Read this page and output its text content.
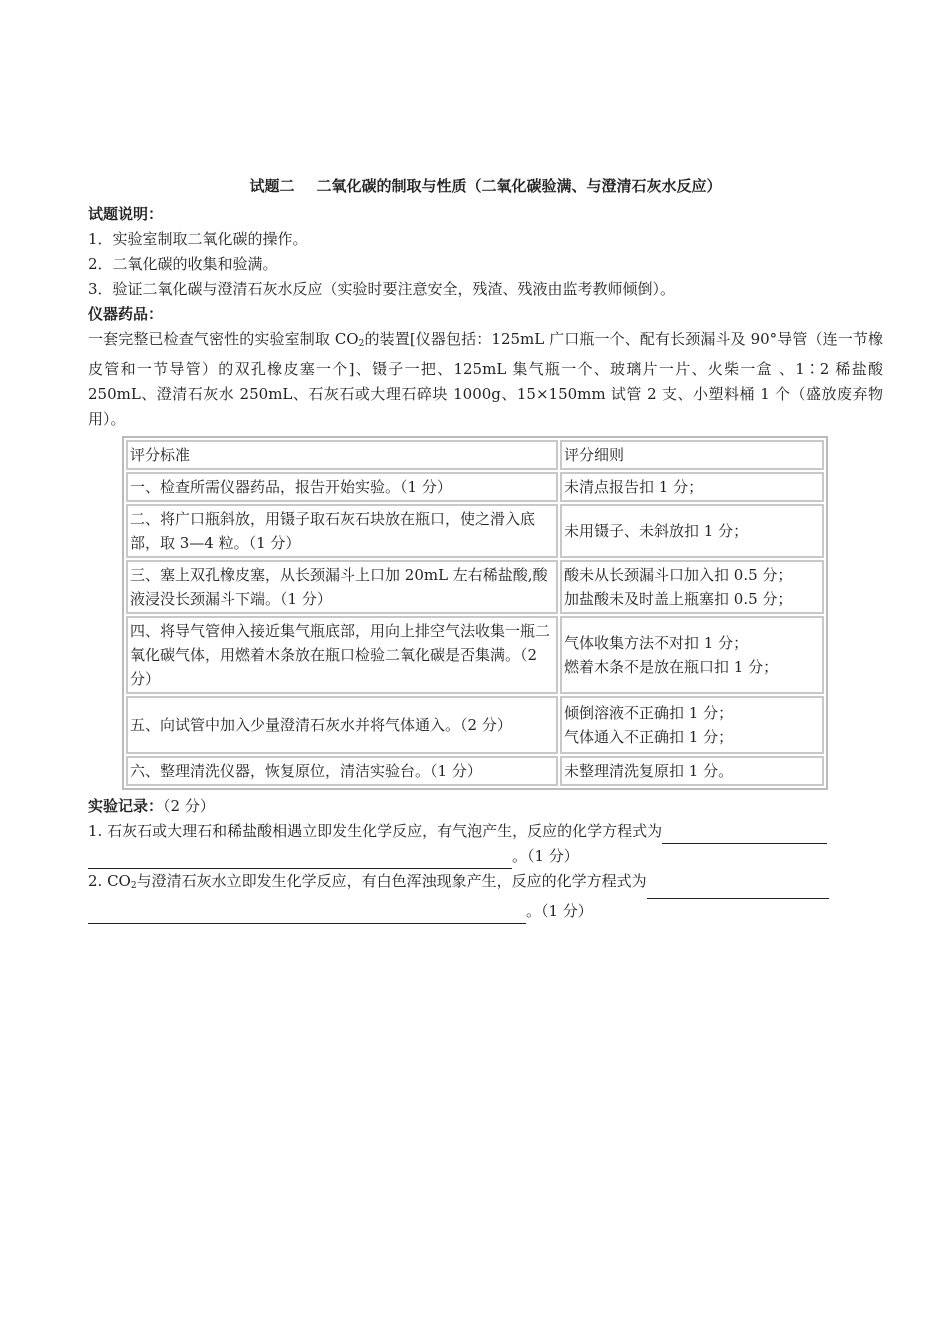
试题二 二氧化碳的制取与性质（二氧化碳验满、与澄清石灰水反应）
试题说明：
1．实验室制取二氧化碳的操作。
2．二氧化碳的收集和验满。
3．验证二氧化碳与澄清石灰水反应（实验时要注意安全，残渣、残液由监考教师倾倒）。
仪器药品：
一套完整已检查气密性的实验室制取 $CO_2$的装置[仪器包括：125mL 广口瓶一个、配有长颈漏斗及 90°导管（连一节橡皮管和一节导管）的双孔橡皮塞一个]、镊子一把、125mL 集气瓶一个、玻璃片一片、火柴一盒 、1∶2 稀盐酸 250mL、澄清石灰水 250mL、石灰石或大理石碎块 1000g、15×150mm 试管 2 支、小塑料桶 1 个（盛放废弃物用）。
评分标准	评分细则
一、检查所需仪器药品，报告开始实验。（1 分）	未清点报告扣 1 分；
二、将广口瓶斜放，用镊子取石灰石块放在瓶口，使之滑入底部，取 3—4 粒。（1 分）	未用镊子、未斜放扣 1 分；
三、塞上双孔橡皮塞，从长颈漏斗上口加 20mL 左右稀盐酸,酸液浸没长颈漏斗下端。（1 分）	酸未从长颈漏斗口加入扣 0.5 分；
加盐酸未及时盖上瓶塞扣 0.5 分；
四、将导气管伸入接近集气瓶底部，用向上排空气法收集一瓶二氧化碳气体，用燃着木条放在瓶口检验二氧化碳是否集满。（2 分）	气体收集方法不对扣 1 分；
燃着木条不是放在瓶口扣 1 分；
五、向试管中加入少量澄清石灰水并将气体通入。（2 分）	倾倒溶液不正确扣 1 分；
气体通入不正确扣 1 分；
六、整理清洗仪器，恢复原位，清洁实验台。（1 分）	未整理清洗复原扣 1 分。
实验记录：（2 分）
1. 石灰石或大理石和稀盐酸相遇立即发生化学反应，有气泡产生，反应的化学方程式为
。（1 分）
2. $CO_2$与澄清石灰水立即发生化学反应，有白色浑浊现象产生，反应的化学方程式为
。（1 分）
